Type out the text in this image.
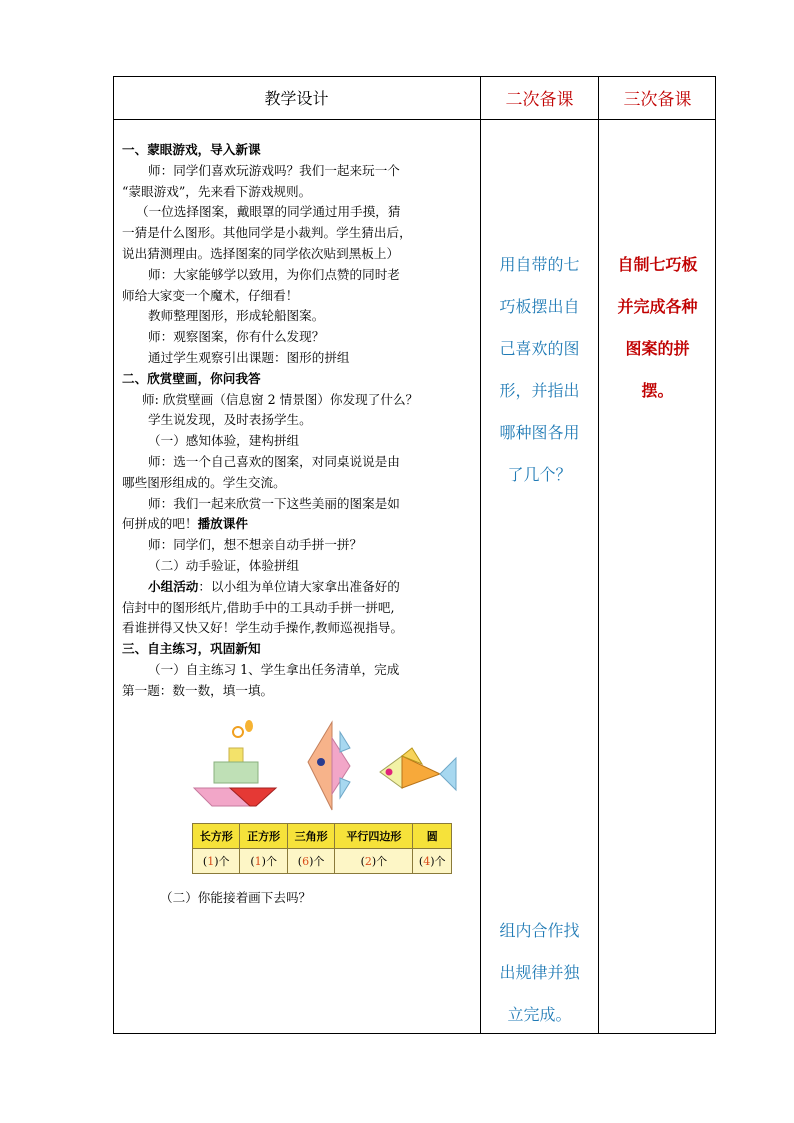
教学设计	二次备课	三次备课
一、蒙眼游戏，导入新课
师：同学们喜欢玩游戏吗？我们一起来玩一个
“蒙眼游戏”，先来看下游戏规则。
（一位选择图案，戴眼罩的同学通过用手摸，猜
一猜是什么图形。其他同学是小裁判。学生猜出后，
说出猜测理由。选择图案的同学依次贴到黑板上）
师：大家能够学以致用，为你们点赞的同时老
师给大家变一个魔术，仔细看！
教师整理图形，形成轮船图案。
师：观察图案，你有什么发现？
通过学生观察引出课题：图形的拼组
二、欣赏壁画，你问我答
师: 欣赏壁画（信息窗 2 情景图）你发现了什么？
学生说发现，及时表扬学生。
（一）感知体验，建构拼组
师：选一个自己喜欢的图案，对同桌说说是由
哪些图形组成的。学生交流。
师：我们一起来欣赏一下这些美丽的图案是如
何拼成的吧！播放课件
师：同学们，想不想亲自动手拼一拼？
（二）动手验证，体验拼组
小组活动：以小组为单位请大家拿出准备好的
信封中的图形纸片,借助手中的工具动手拼一拼吧,
看谁拼得又快又好！学生动手操作,教师巡视指导。
三、自主练习，巩固新知
（一）自主练习 1、学生拿出任务清单，完成
第一题：数一数，填一填。
长方形	正方形	三角形	平行四边形	圆
(1)个	(1)个	(6)个	(2)个	(4)个
（二）你能接着画下去吗？
用自带的七
巧板摆出自
己喜欢的图
形，并指出
哪种图各用
了几个？
组内合作找
出规律并独
立完成。
自制七巧板
并完成各种
图案的拼
摆。
